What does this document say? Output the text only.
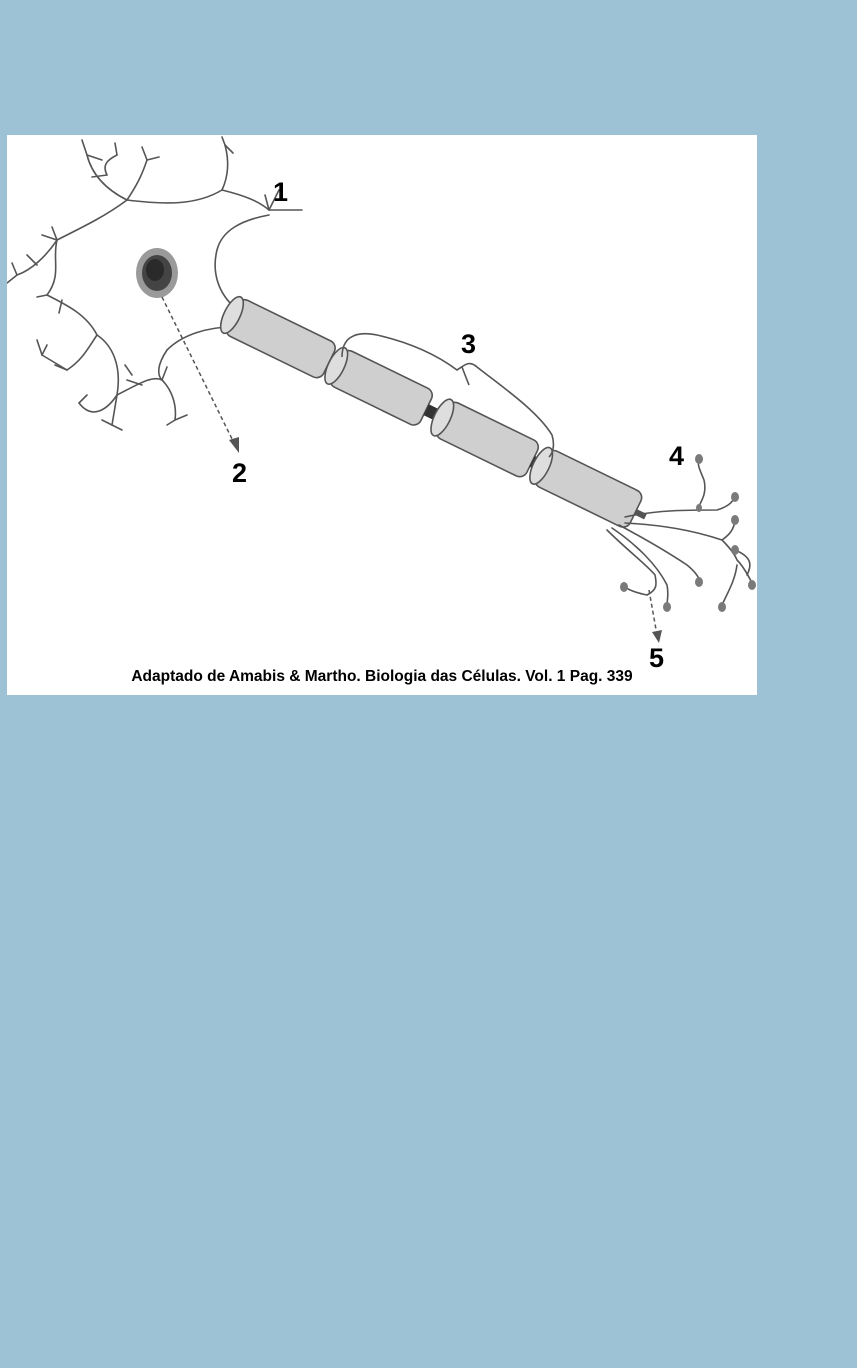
1
2
3
4
5
Adaptado de Amabis & Martho. Biologia das Células. Vol. 1 Pag. 339
